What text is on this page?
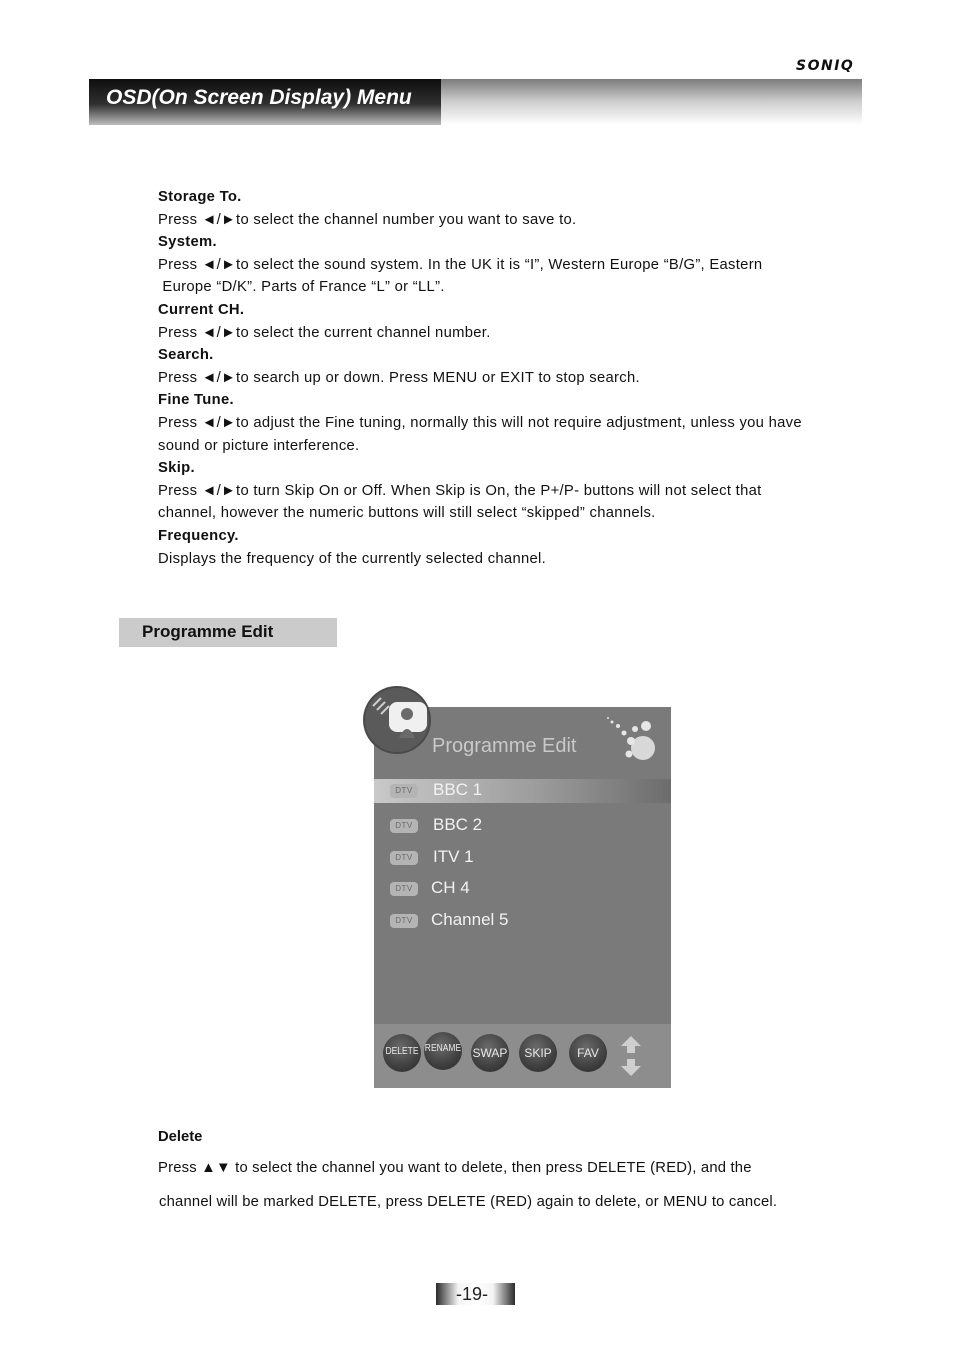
SONIQ
OSD(On Screen Display) Menu
Storage To.
Press ◄/►to select the channel number you want to save to.
System.
Press ◄/►to select the sound system. In the UK it is “I”, Western Europe “B/G”, Eastern
Europe “D/K”. Parts of France “L” or “LL”.
Current CH.
Press ◄/►to select the current channel number.
Search.
Press ◄/►to search up or down. Press MENU or EXIT to stop search.
Fine Tune.
Press ◄/►to adjust the Fine tuning, normally this will not require adjustment, unless you have
sound or picture interference.
Skip.
Press ◄/►to turn Skip On or Off. When Skip is On, the P+/P- buttons will not select that
channel, however the numeric buttons will still select “skipped” channels.
Frequency.
Displays the frequency of the currently selected channel.
Programme Edit
Programme Edit
DTV	BBC 1
DTV	BBC 2
DTV	ITV 1
DTV	CH 4
DTV	Channel 5
DELETE RENAME SWAP	SKIP	FAV
Delete
Press ▲▼ to select the channel you want to delete, then press DELETE (RED), and the
channel will be marked DELETE, press DELETE (RED) again to delete, or MENU to cancel.
-19-
